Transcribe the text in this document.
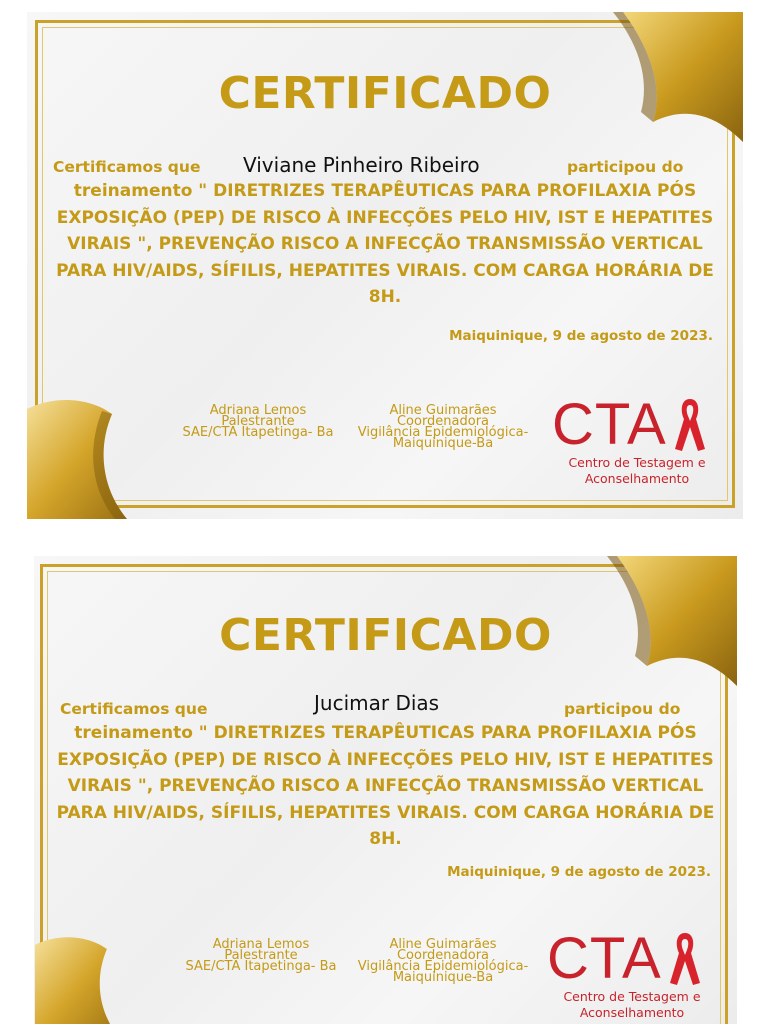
CERTIFICADO
Certificamos que Viviane Pinheiro Ribeiro	participou do
treinamento " DIRETRIZES TERAPÊUTICAS PARA PROFILAXIA PÓS EXPOSIÇÃO (PEP) DE RISCO À INFECÇÕES PELO HIV, IST E HEPATITES VIRAIS ", PREVENÇÃO RISCO A INFECÇÃO TRANSMISSÃO VERTICAL PARA HIV/AIDS, SÍFILIS, HEPATITES VIRAIS. COM CARGA HORÁRIA DE 8H.
Maiquinique, 9 de agosto de 2023.
Adriana Lemos
Palestrante
SAE/CTA Itapetinga- Ba
Aline Guimarães
Coordenadora
Vigilância Epidemiológica-
Maiquinique-Ba	CTA
Centro de Testagem e
Aconselhamento
CERTIFICADO
Certificamos que	Jucimar Dias	participou do
treinamento " DIRETRIZES TERAPÊUTICAS PARA PROFILAXIA PÓS EXPOSIÇÃO (PEP) DE RISCO À INFECÇÕES PELO HIV, IST E HEPATITES VIRAIS ", PREVENÇÃO RISCO A INFECÇÃO TRANSMISSÃO VERTICAL PARA HIV/AIDS, SÍFILIS, HEPATITES VIRAIS. COM CARGA HORÁRIA DE 8H.
Maiquinique, 9 de agosto de 2023.
Adriana Lemos
Palestrante
SAE/CTA Itapetinga- Ba
Aline Guimarães
Coordenadora
Vigilância Epidemiológica-
Maiquinique-Ba CTA
Centro de Testagem e
Aconselhamento
